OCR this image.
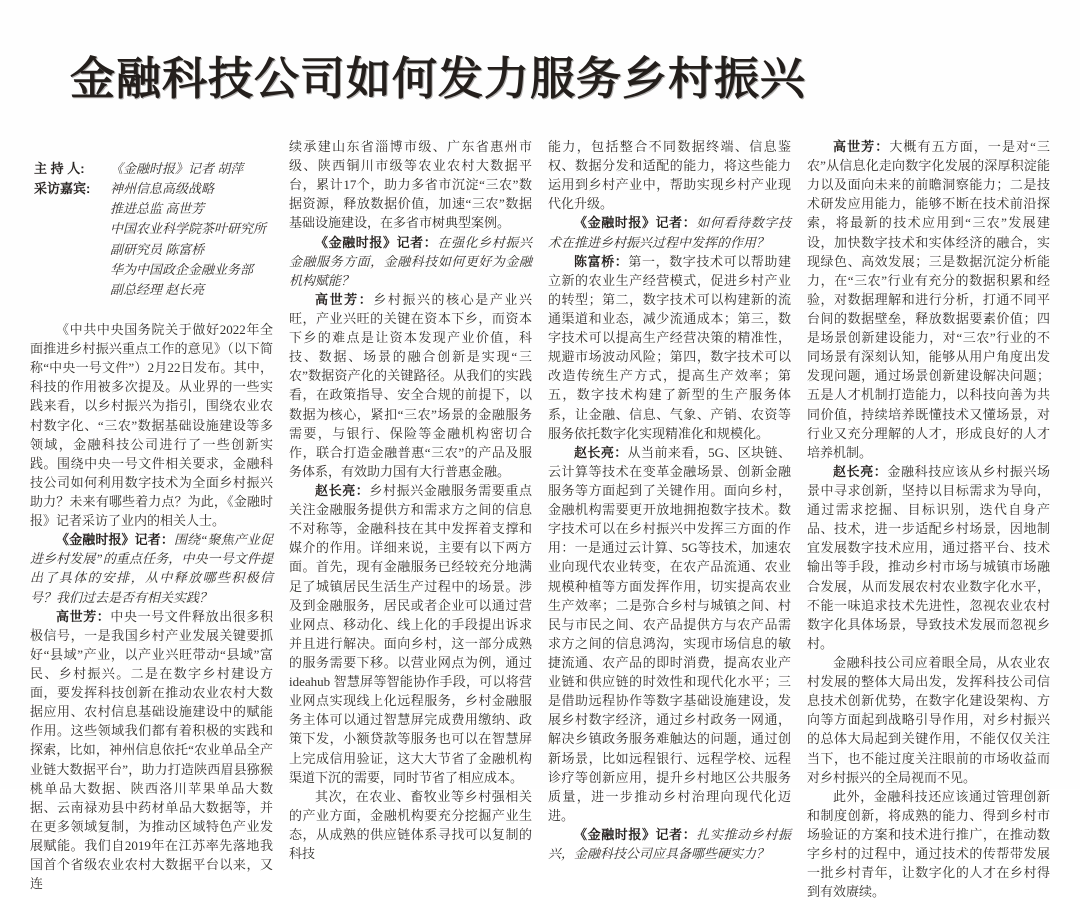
金融科技公司如何发力服务乡村振兴
主 持 人:	《金融时报》记者 胡萍
采访嘉宾:	神州信息高级战略
推进总监 高世芳
中国农业科学院茶叶研究所
副研究员 陈富桥
华为中国政企金融业务部
副总经理 赵长亮

《中共中央国务院关于做好2022年全面推进乡村振兴重点工作的意见》（以下简称“中央一号文件”）2月22日发布。其中，科技的作用被多次提及。从业界的一些实践来看，以乡村振兴为指引，围绕农业农村数字化、“三农”数据基础设施建设等多领域，金融科技公司进行了一些创新实践。围绕中央一号文件相关要求，金融科技公司如何利用数字技术为全面乡村振兴助力？未来有哪些着力点？为此，《金融时报》记者采访了业内的相关人士。

《金融时报》记者：围绕“聚焦产业促进乡村发展”的重点任务，中央一号文件提出了具体的安排，从中释放哪些积极信号？我们过去是否有相关实践？

高世芳：中央一号文件释放出很多积极信号，一是我国乡村产业发展关键要抓好“县域”产业，以产业兴旺带动“县域”富民、乡村振兴。二是在数字乡村建设方面，要发挥科技创新在推动农业农村大数据应用、农村信息基础设施建设中的赋能作用。这些领域我们都有着积极的实践和探索，比如，神州信息依托“农业单品全产业链大数据平台”，助力打造陕西眉县猕猴桃单品大数据、陕西洛川苹果单品大数据、云南禄劝县中药材单品大数据等，并在更多领域复制，为推动区域特色产业发展赋能。我们自2019年在江苏率先落地我国首个省级农业农村大数据平台以来，又连

续承建山东省淄博市级、广东省惠州市级、陕西铜川市级等农业农村大数据平台，累计17个，助力多省市沉淀“三农”数据资源，释放数据价值，加速“三农”数据基础设施建设，在多省市树典型案例。

《金融时报》记者：在强化乡村振兴金融服务方面，金融科技如何更好为金融机构赋能？

高世芳：乡村振兴的核心是产业兴旺，产业兴旺的关键在资本下乡，而资本下乡的难点是让资本发现产业价值，科技、数据、场景的融合创新是实现“三农”数据资产化的关键路径。从我们的实践看，在政策指导、安全合规的前提下，以数据为核心，紧扣“三农”场景的金融服务需要，与银行、保险等金融机构密切合作，联合打造金融普惠“三农”的产品及服务体系，有效助力国有大行普惠金融。

赵长亮：乡村振兴金融服务需要重点关注金融服务提供方和需求方之间的信息不对称等，金融科技在其中发挥着支撑和媒介的作用。详细来说，主要有以下两方面。首先，现有金融服务已经较充分地满足了城镇居民生活生产过程中的场景。涉及到金融服务，居民或者企业可以通过营业网点、移动化、线上化的手段提出诉求并且进行解决。面向乡村，这一部分成熟的服务需要下移。以营业网点为例，通过 ideahub 智慧屏等智能协作手段，可以将营业网点实现线上化远程服务，乡村金融服务主体可以通过智慧屏完成费用缴纳、政策下发，小额贷款等服务也可以在智慧屏上完成信用验证，这大大节省了金融机构渠道下沉的需要，同时节省了相应成本。

其次，在农业、畜牧业等乡村强相关的产业方面，金融机构要充分挖掘产业生态，从成熟的供应链体系寻找可以复制的科技

能力，包括整合不同数据终端、信息鉴权、数据分发和适配的能力，将这些能力运用到乡村产业中，帮助实现乡村产业现代化升级。

《金融时报》记者：如何看待数字技术在推进乡村振兴过程中发挥的作用？

陈富桥：第一，数字技术可以帮助建立新的农业生产经营模式，促进乡村产业的转型；第二，数字技术可以构建新的流通渠道和业态，减少流通成本；第三，数字技术可以提高生产经营决策的精准性，规避市场波动风险；第四，数字技术可以改造传统生产方式，提高生产效率；第五，数字技术构建了新型的生产服务体系，让金融、信息、气象、产销、农资等服务依托数字化实现精准化和规模化。

赵长亮：从当前来看，5G、区块链、云计算等技术在变革金融场景、创新金融服务等方面起到了关键作用。面向乡村，金融机构需要更开放地拥抱数字技术。数字技术可以在乡村振兴中发挥三方面的作用：一是通过云计算、5G等技术，加速农业向现代农业转变，在农产品流通、农业规模种植等方面发挥作用，切实提高农业生产效率；二是弥合乡村与城镇之间、村民与市民之间、农产品提供方与农产品需求方之间的信息鸿沟，实现市场信息的敏捷流通、农产品的即时消费，提高农业产业链和供应链的时效性和现代化水平；三是借助远程协作等数字基础设施建设，发展乡村数字经济，通过乡村政务一网通，解决乡镇政务服务难触达的问题，通过创新场景，比如远程银行、远程学校、远程诊疗等创新应用，提升乡村地区公共服务质量，进一步推动乡村治理向现代化迈进。

《金融时报》记者：扎实推动乡村振兴，金融科技公司应具备哪些硬实力？

高世芳：大概有五方面，一是对“三农”从信息化走向数字化发展的深厚积淀能力以及面向未来的前瞻洞察能力；二是技术研发应用能力，能够不断在技术前沿探索，将最新的技术应用到“三农”发展建设，加快数字技术和实体经济的融合，实现绿色、高效发展；三是数据沉淀分析能力，在“三农”行业有充分的数据积累和经验，对数据理解和进行分析，打通不同平台间的数据壁垒，释放数据要素价值；四是场景创新建设能力，对“三农”行业的不同场景有深刻认知，能够从用户角度出发发现问题，通过场景创新建设解决问题；五是人才机制打造能力，以科技向善为共同价值，持续培养既懂技术又懂场景，对行业又充分理解的人才，形成良好的人才培养机制。

赵长亮：金融科技应该从乡村振兴场景中寻求创新，坚持以目标需求为导向，通过需求挖掘、目标识别，迭代自身产品、技术，进一步适配乡村场景，因地制宜发展数字技术应用，通过搭平台、技术输出等手段，推动乡村市场与城镇市场融合发展，从而发展农村农业数字化水平，不能一味追求技术先进性，忽视农业农村数字化具体场景，导致技术发展而忽视乡村。

金融科技公司应着眼全局，从农业农村发展的整体大局出发，发挥科技公司信息技术创新优势，在数字化建设架构、方向等方面起到战略引导作用，对乡村振兴的总体大局起到关键作用，不能仅仅关注当下，也不能过度关注眼前的市场收益而对乡村振兴的全局视而不见。

此外，金融科技还应该通过管理创新和制度创新，将成熟的能力、得到乡村市场验证的方案和技术进行推广，在推动数字乡村的过程中，通过技术的传帮带发展一批乡村青年，让数字化的人才在乡村得到有效赓续。
